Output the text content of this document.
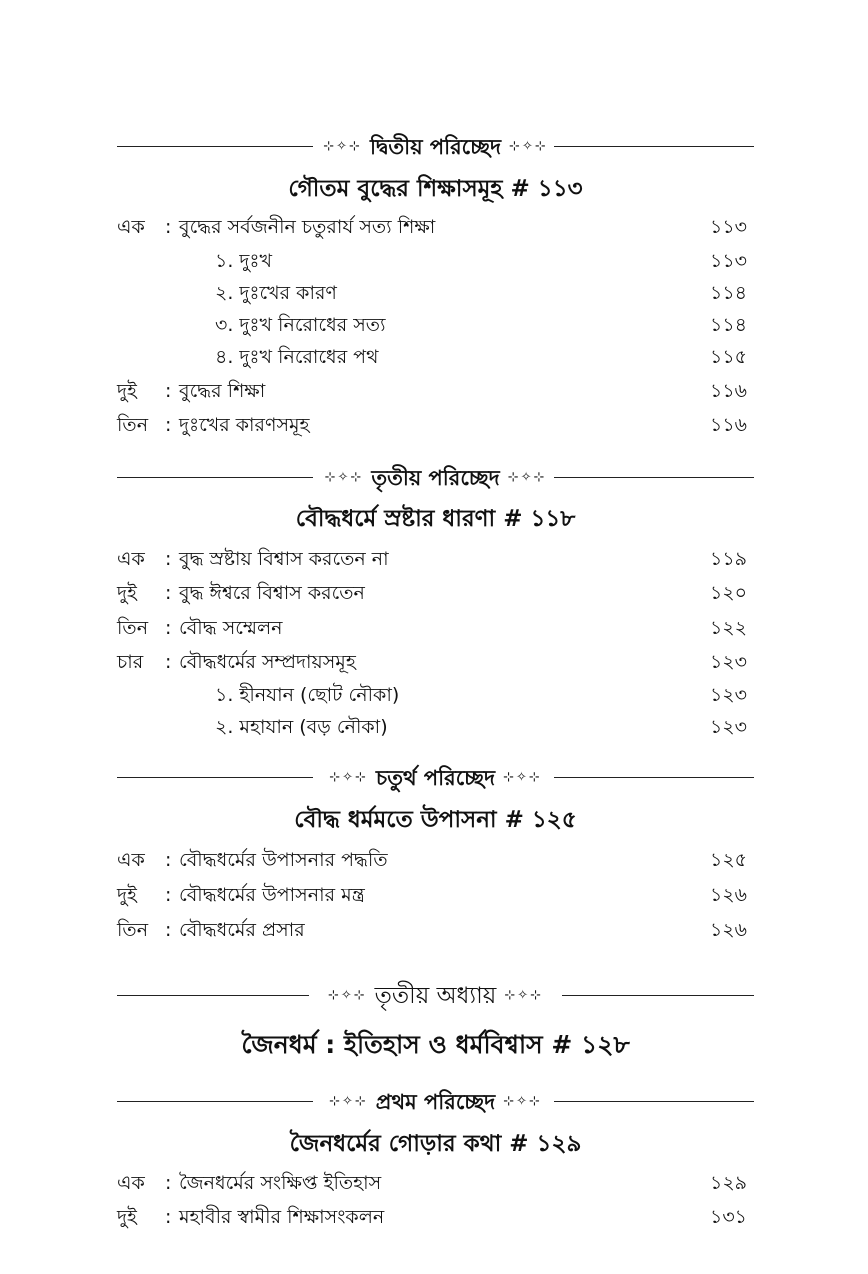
⊹✧⊹ দ্বিতীয় পরিচ্ছেদ ⊹✧⊹
গৌতম বুদ্ধের শিক্ষাসমূহ # ১১৩
এক : বুদ্ধের সর্বজনীন চতুরার্য সত্য শিক্ষা	১১৩
১. দুঃখ	১১৩
২. দুঃখের কারণ	১১৪
৩. দুঃখ নিরোধের সত্য	১১৪
৪. দুঃখ নিরোধের পথ	১১৫
দুই : বুদ্ধের শিক্ষা	১১৬
তিন : দুঃখের কারণসমূহ	১১৬
⊹✧⊹ তৃতীয় পরিচ্ছেদ ⊹✧⊹
বৌদ্ধধর্মে স্রষ্টার ধারণা # ১১৮
এক : বুদ্ধ স্রষ্টায় বিশ্বাস করতেন না	১১৯
দুই : বুদ্ধ ঈশ্বরে বিশ্বাস করতেন	১২০
তিন : বৌদ্ধ সম্মেলন	১২২
চার : বৌদ্ধধর্মের সম্প্রদায়সমূহ	১২৩
১. হীনযান (ছোট নৌকা)	১২৩
২. মহাযান (বড় নৌকা)	১২৩
⊹✧⊹ চতুর্থ পরিচ্ছেদ ⊹✧⊹
বৌদ্ধ ধর্মমতে উপাসনা # ১২৫
এক : বৌদ্ধধর্মের উপাসনার পদ্ধতি	১২৫
দুই : বৌদ্ধধর্মের উপাসনার মন্ত্র	১২৬
তিন : বৌদ্ধধর্মের প্রসার	১২৬
⊹✧⊹ তৃতীয় অধ্যায় ⊹✧⊹
জৈনধর্ম : ইতিহাস ও ধর্মবিশ্বাস # ১২৮
⊹✧⊹ প্রথম পরিচ্ছেদ ⊹✧⊹
জৈনধর্মের গোড়ার কথা # ১২৯
এক : জৈনধর্মের সংক্ষিপ্ত ইতিহাস	১২৯
দুই : মহাবীর স্বামীর শিক্ষাসংকলন	১৩১
